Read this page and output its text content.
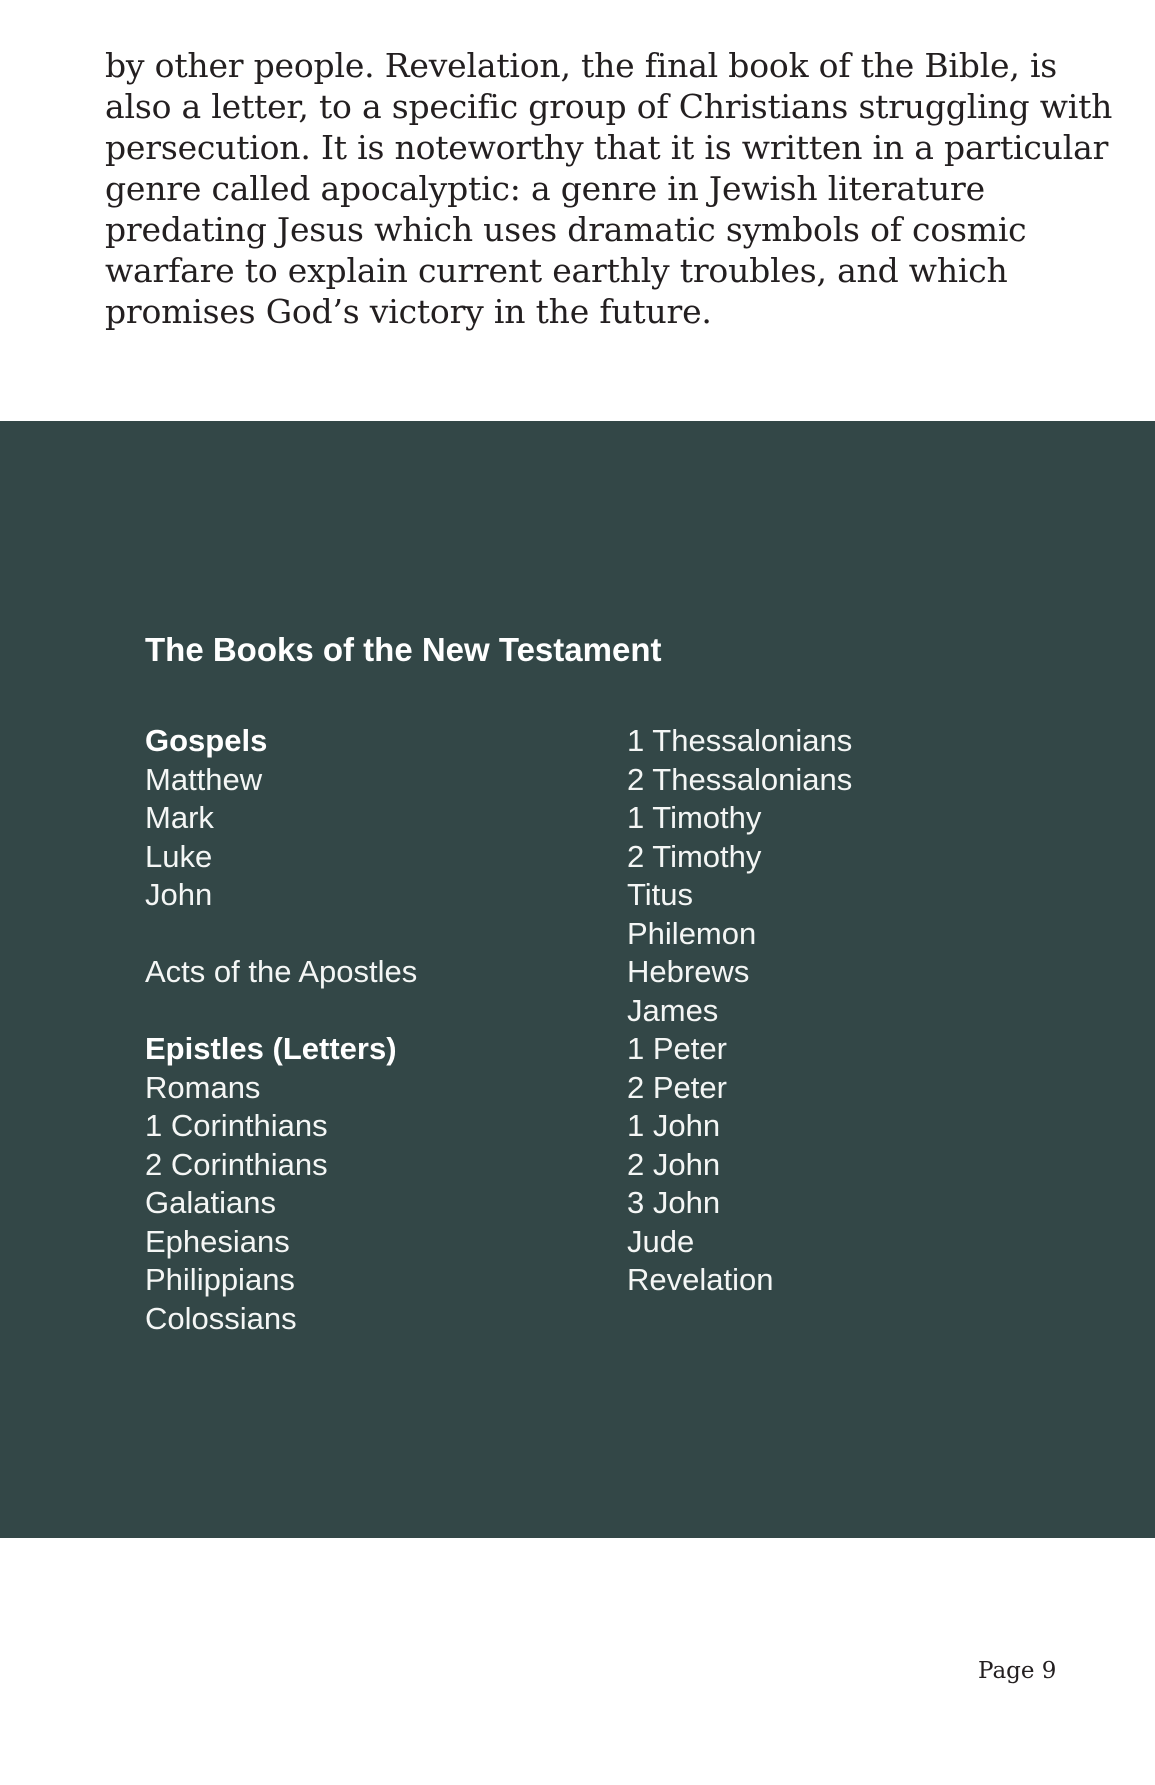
by other people. Revelation, the final book of the Bible, is
also a letter, to a specific group of Christians struggling with
persecution. It is noteworthy that it is written in a particular
genre called apocalyptic: a genre in Jewish literature
predating Jesus which uses dramatic symbols of cosmic
warfare to explain current earthly troubles, and which
promises God’s victory in the future.

The Books of the New Testament
Gospels
Matthew
Mark
Luke
John
Acts of the Apostles
Epistles (Letters)
Romans
1 Corinthians
2 Corinthians
Galatians
Ephesians
Philippians
Colossians
1 Thessalonians
2 Thessalonians
1 Timothy
2 Timothy
Titus
Philemon
Hebrews
James
1 Peter
2 Peter
1 John
2 John
3 John
Jude
Revelation
Page 9
